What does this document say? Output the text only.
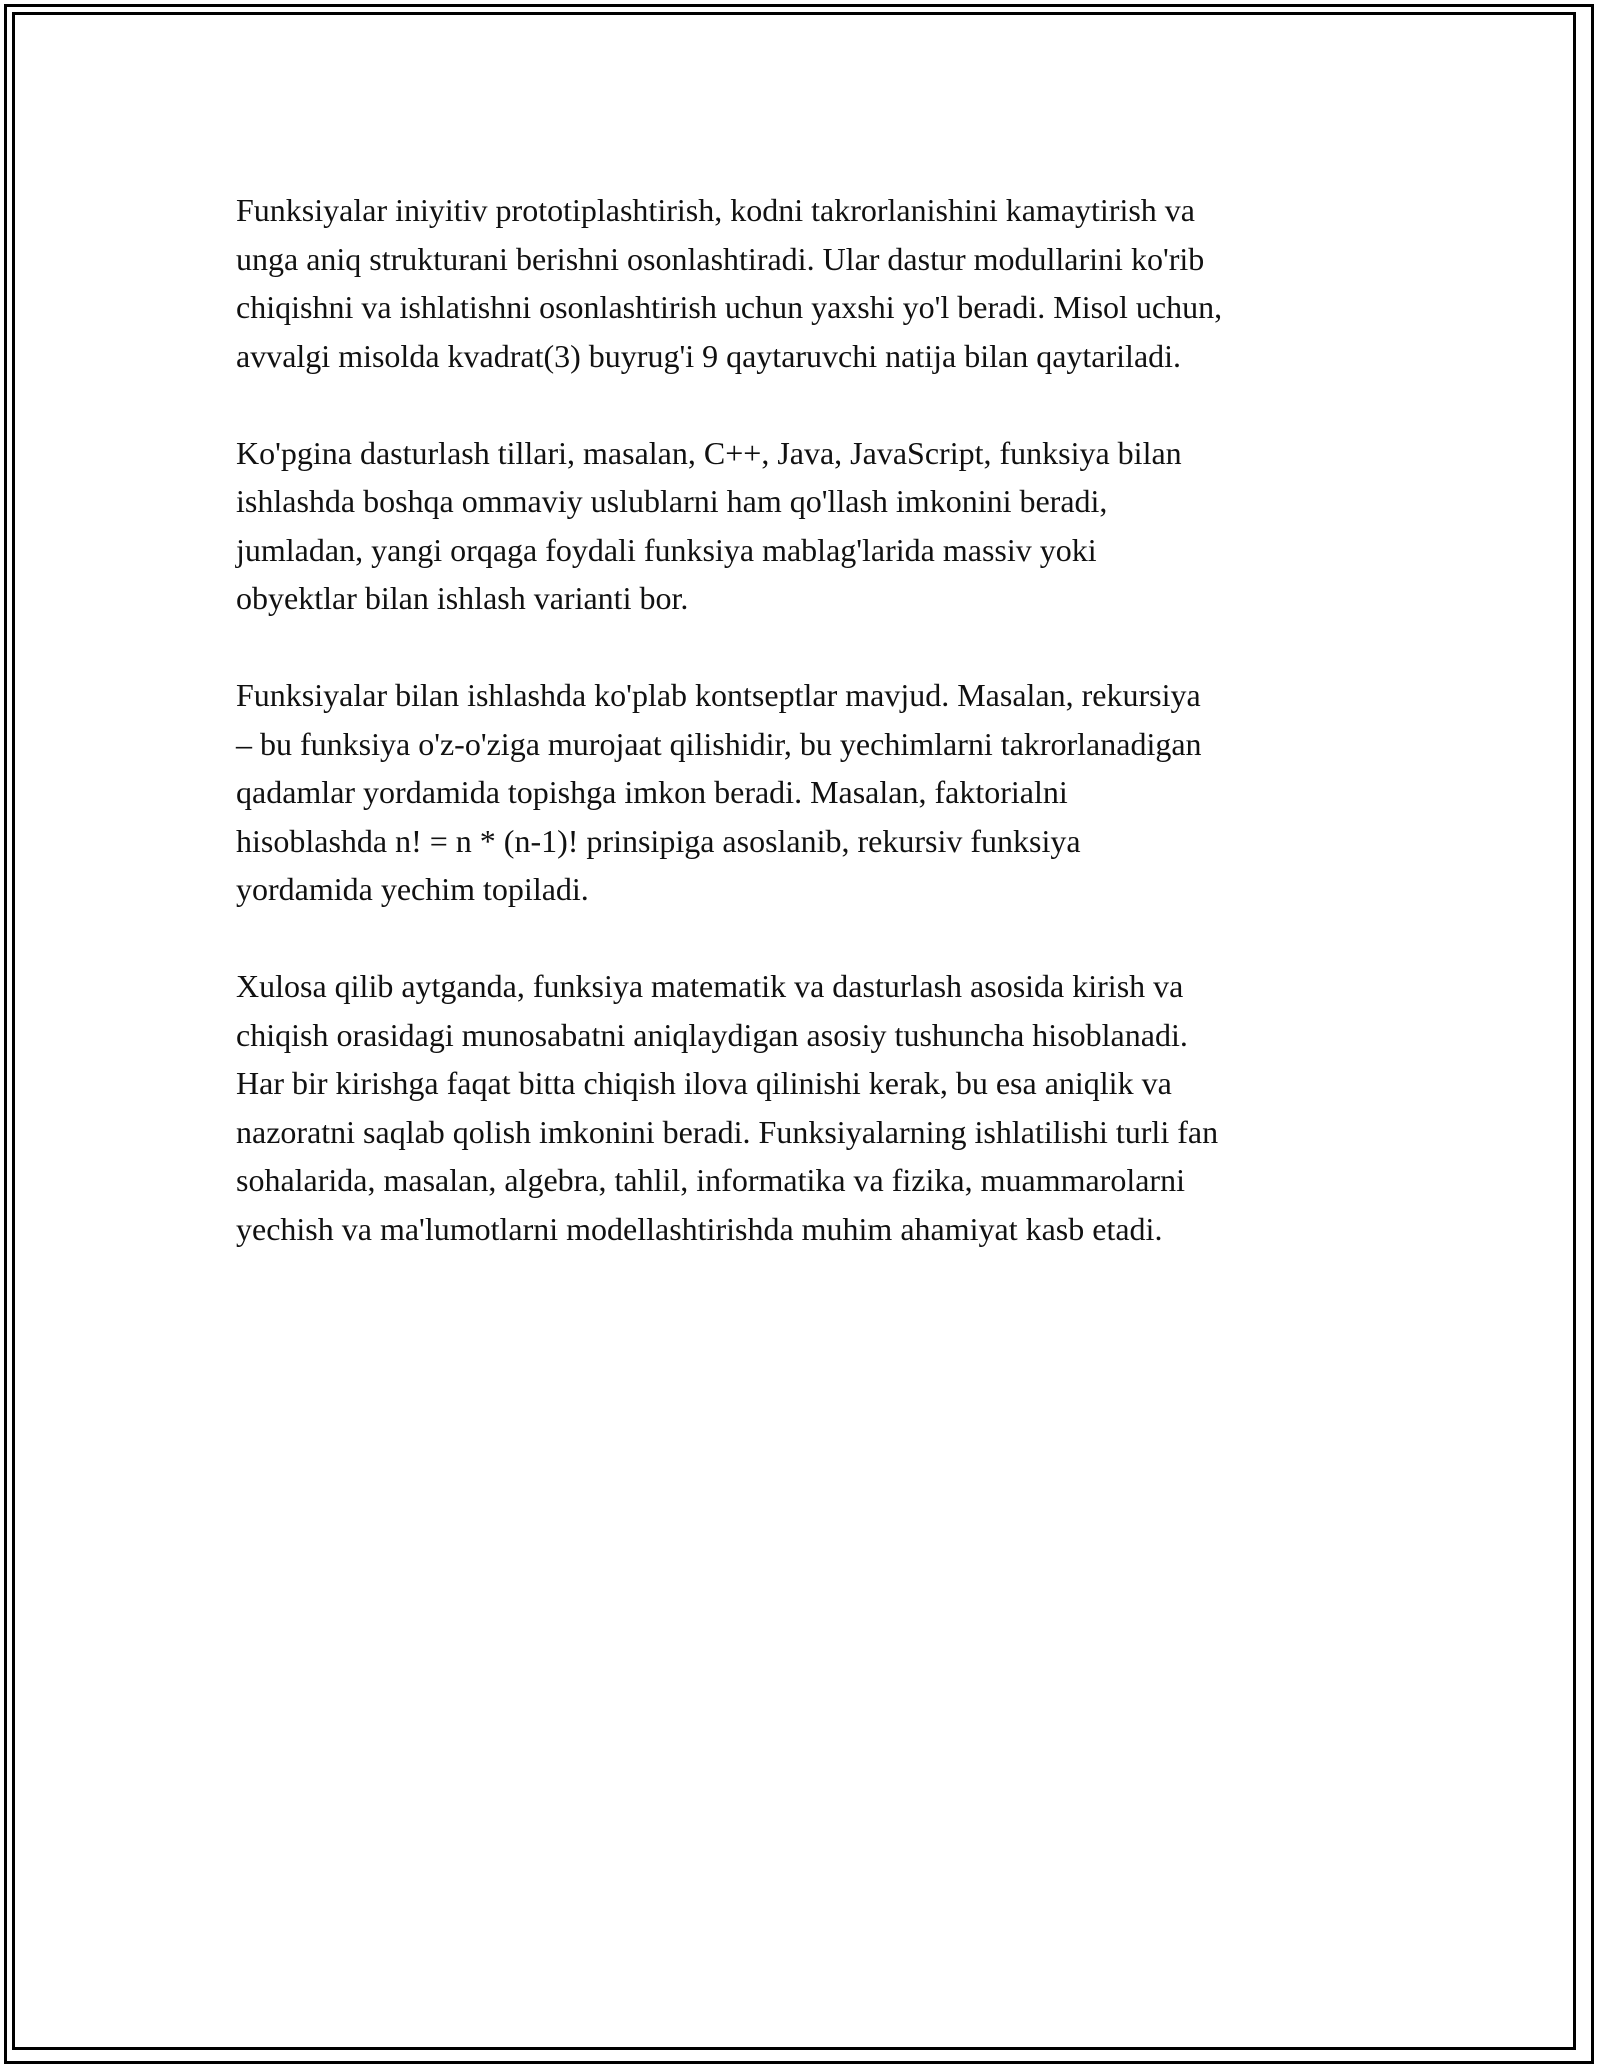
Funksiyalar iniyitiv prototiplashtirish, kodni takrorlanishini kamaytirish va
unga aniq strukturani berishni osonlashtiradi. Ular dastur modullarini ko'rib
chiqishni va ishlatishni osonlashtirish uchun yaxshi yo'l beradi. Misol uchun,
avvalgi misolda kvadrat(3) buyrug'i 9 qaytaruvchi natija bilan qaytariladi.

Ko'pgina dasturlash tillari, masalan, C++, Java, JavaScript, funksiya bilan
ishlashda boshqa ommaviy uslublarni ham qo'llash imkonini beradi,
jumladan, yangi orqaga foydali funksiya mablag'larida massiv yoki
obyektlar bilan ishlash varianti bor.

Funksiyalar bilan ishlashda ko'plab kontseptlar mavjud. Masalan, rekursiya
– bu funksiya o'z-o'ziga murojaat qilishidir, bu yechimlarni takrorlanadigan
qadamlar yordamida topishga imkon beradi. Masalan, faktorialni
hisoblashda n! = n * (n-1)! prinsipiga asoslanib, rekursiv funksiya
yordamida yechim topiladi.

Xulosa qilib aytganda, funksiya matematik va dasturlash asosida kirish va
chiqish orasidagi munosabatni aniqlaydigan asosiy tushuncha hisoblanadi.
Har bir kirishga faqat bitta chiqish ilova qilinishi kerak, bu esa aniqlik va
nazoratni saqlab qolish imkonini beradi. Funksiyalarning ishlatilishi turli fan
sohalarida, masalan, algebra, tahlil, informatika va fizika, muammarolarni
yechish va ma'lumotlarni modellashtirishda muhim ahamiyat kasb etadi.
